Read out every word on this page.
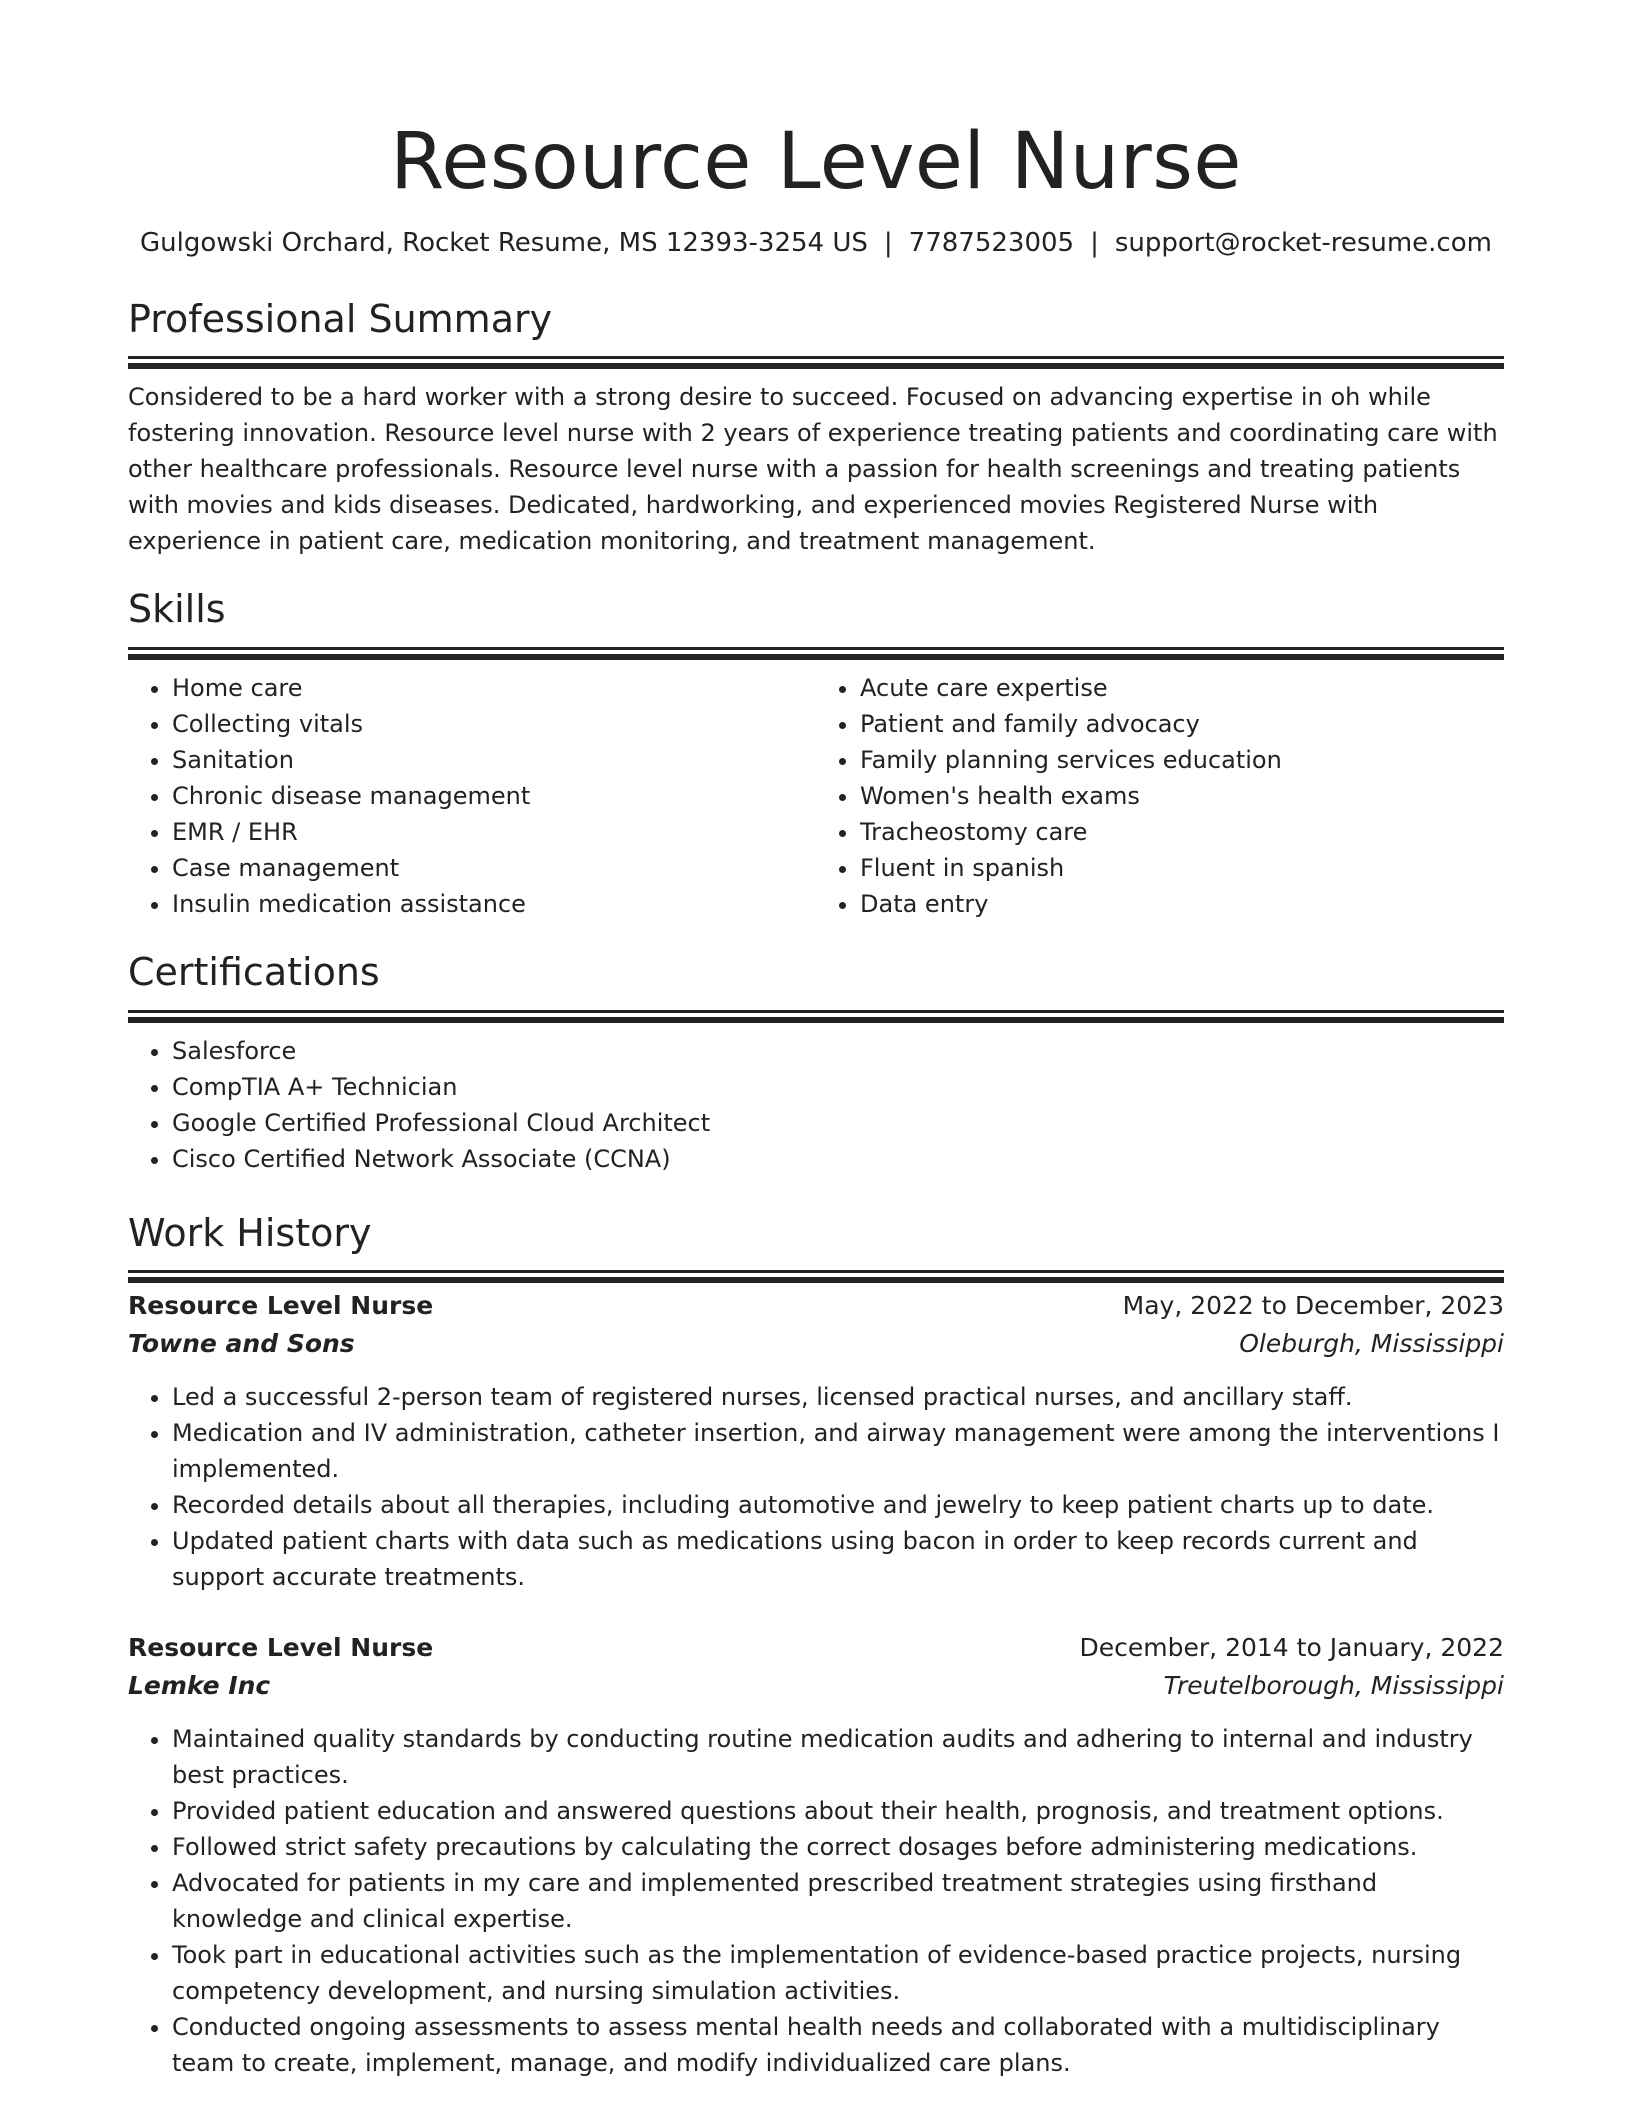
Resource Level Nurse
Gulgowski Orchard, Rocket Resume, MS 12393-3254 US | 7787523005 | support@rocket-resume.com
Professional Summary

Considered to be a hard worker with a strong desire to succeed. Focused on advancing expertise in oh while fostering innovation. Resource level nurse with 2 years of experience treating patients and coordinating care with other healthcare professionals. Resource level nurse with a passion for health screenings and treating patients with movies and kids diseases. Dedicated, hardworking, and experienced movies Registered Nurse with experience in patient care, medication monitoring, and treatment management.

Skills
• Home care
• Collecting vitals
• Sanitation
• Chronic disease management
• EMR / EHR
• Case management
• Insulin medication assistance
• Acute care expertise
• Patient and family advocacy
• Family planning services education
• Women's health exams
• Tracheostomy care
• Fluent in spanish
• Data entry
Certifications
• Salesforce
• CompTIA A+ Technician
• Google Certified Professional Cloud Architect
• Cisco Certified Network Associate (CCNA)
Work History
Resource Level Nurse	May, 2022 to December, 2023
Towne and Sons	Oleburgh, Mississippi
• Led a successful 2-person team of registered nurses, licensed practical nurses, and ancillary staff.
• Medication and IV administration, catheter insertion, and airway management were among the interventions I implemented.
• Recorded details about all therapies, including automotive and jewelry to keep patient charts up to date.
• Updated patient charts with data such as medications using bacon in order to keep records current and support accurate treatments.
Resource Level Nurse	December, 2014 to January, 2022
Lemke Inc	Treutelborough, Mississippi
• Maintained quality standards by conducting routine medication audits and adhering to internal and industry best practices.
• Provided patient education and answered questions about their health, prognosis, and treatment options.
• Followed strict safety precautions by calculating the correct dosages before administering medications.
• Advocated for patients in my care and implemented prescribed treatment strategies using firsthand knowledge and clinical expertise.
• Took part in educational activities such as the implementation of evidence-based practice projects, nursing competency development, and nursing simulation activities.
• Conducted ongoing assessments to assess mental health needs and collaborated with a multidisciplinary team to create, implement, manage, and modify individualized care plans.
